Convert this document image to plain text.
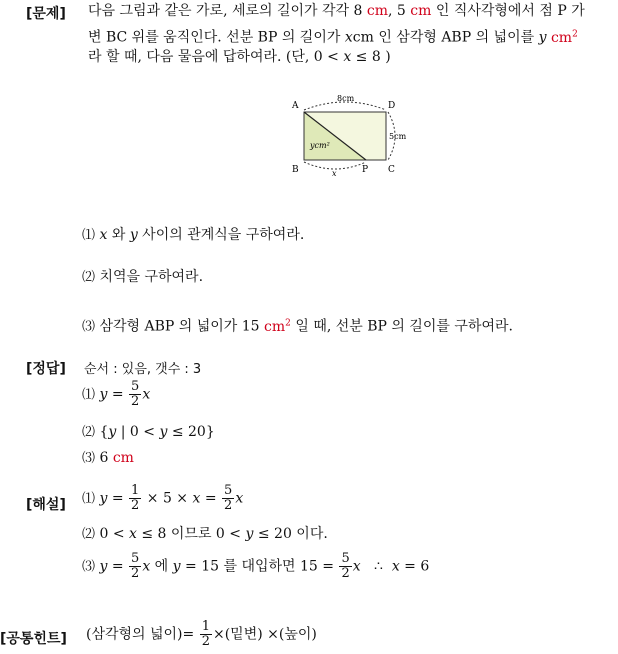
[문제] 다음 그림과 같은 가로, 세로의 길이가 각각 8 cm, 5 cm 인 직사각형에서 점 P 가
변 BC 위를 움직인다. 선분 BP 의 길이가 xcm 인 삼각형 ABP 의 넓이를 y $cm^2$
라 할 때, 다음 물음에 답하여라. (단, 0 < x ≤ 8 )
A	D
B	C
P
8cm
5cm
x
ycm²
⑴ x 와 y 사이의 관계식을 구하여라.
⑵ 치역을 구하여라.
⑶ 삼각형 ABP 의 넓이가 15 $cm^2$ 일 때, 선분 BP 의 길이를 구하여라.
[정답] 순서 : 있음, 갯수 : 3
⑴ $y = \frac{5}{2}$ x
⑵ {y | 0 < y ≤ 20}
⑶ 6 cm
[해설] ⑴ $y = \frac{1}{2} \times 5 \times x = \frac{5}{2}$ x
⑵ 0 < x ≤ 8 이므로 0 < y ≤ 20 이다.
⑶ $y = \frac{5}{2}$ x 에 y = 15 를 대입하면 $15 = \frac{5}{2}$ x   ∴  x = 6
[공통힌트] (삼각형의 넓이)= $\frac{1}{2}$ ×(밑변) ×(높이)
